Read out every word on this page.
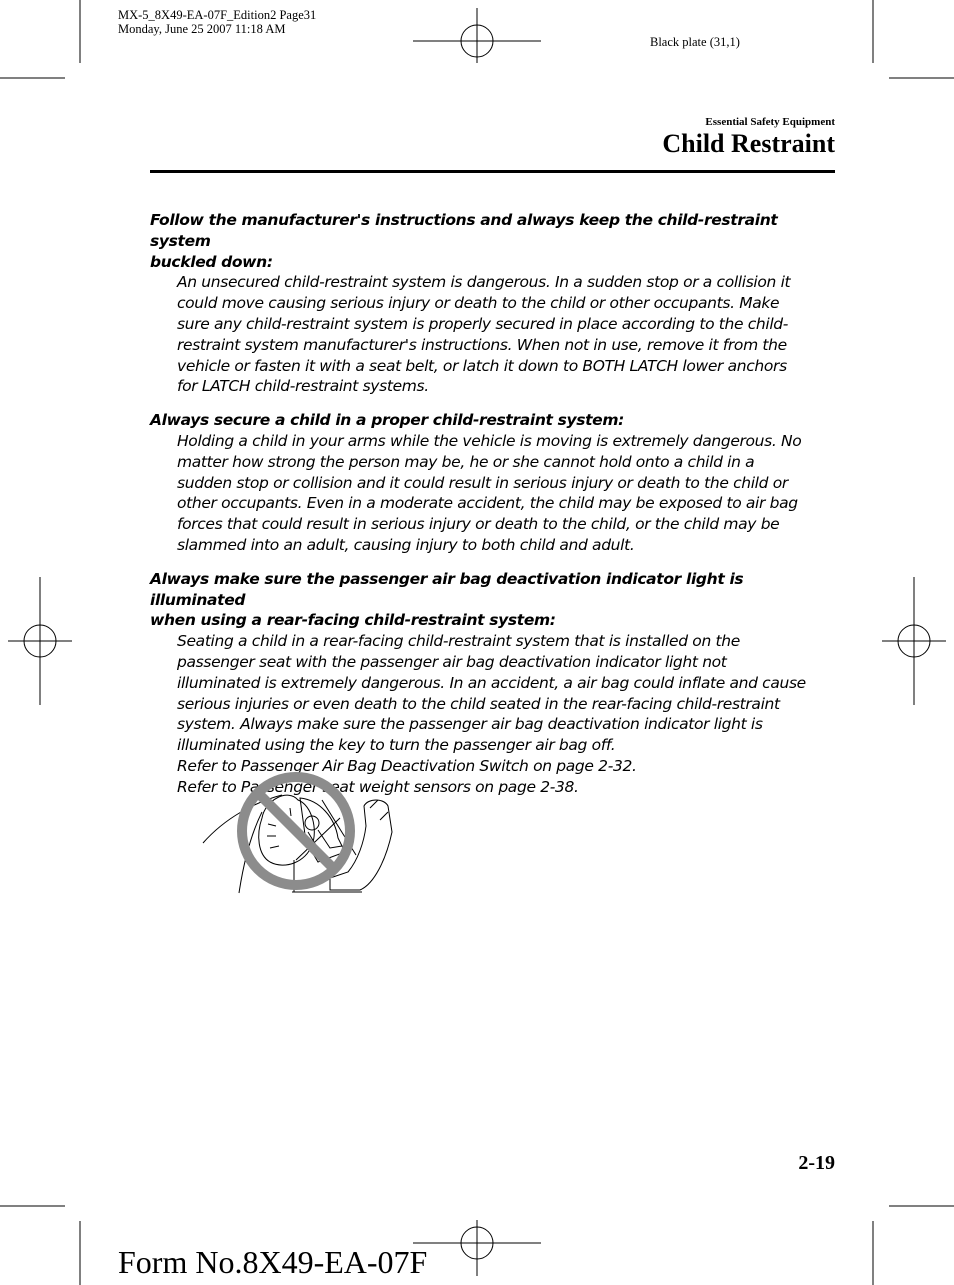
MX-5_8X49-EA-07F_Edition2 Page31
Monday, June 25 2007 11:18 AM
Black plate (31,1)
Essential Safety Equipment
Child Restraint
Follow the manufacturer's instructions and always keep the child-restraint system
buckled down:
An unsecured child-restraint system is dangerous. In a sudden stop or a collision it
could move causing serious injury or death to the child or other occupants. Make
sure any child-restraint system is properly secured in place according to the child-
restraint system manufacturer's instructions. When not in use, remove it from the
vehicle or fasten it with a seat belt, or latch it down to BOTH LATCH lower anchors
for LATCH child-restraint systems.
Always secure a child in a proper child-restraint system:
Holding a child in your arms while the vehicle is moving is extremely dangerous. No
matter how strong the person may be, he or she cannot hold onto a child in a
sudden stop or collision and it could result in serious injury or death to the child or
other occupants. Even in a moderate accident, the child may be exposed to air bag
forces that could result in serious injury or death to the child, or the child may be
slammed into an adult, causing injury to both child and adult.
Always make sure the passenger air bag deactivation indicator light is illuminated
when using a rear-facing child-restraint system:
Seating a child in a rear-facing child-restraint system that is installed on the
passenger seat with the passenger air bag deactivation indicator light not
illuminated is extremely dangerous. In an accident, a air bag could inflate and cause
serious injuries or even death to the child seated in the rear-facing child-restraint
system. Always make sure the passenger air bag deactivation indicator light is
illuminated using the key to turn the passenger air bag off.
Refer to Passenger Air Bag Deactivation Switch on page 2-32.
Refer to Passenger seat weight sensors on page 2-38.
2-19
Form No.8X49-EA-07F
